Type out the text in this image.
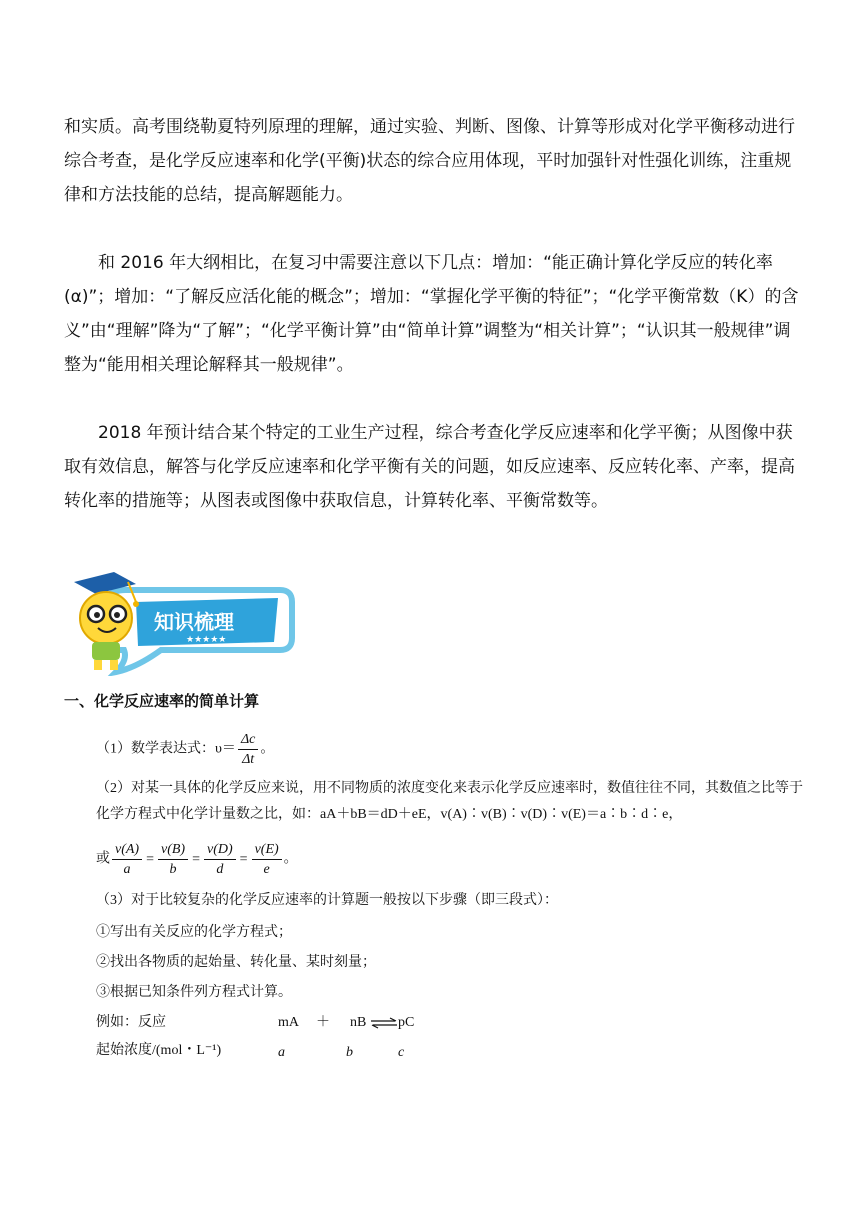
和实质。高考围绕勒夏特列原理的理解，通过实验、判断、图像、计算等形成对化学平衡移动进行综合考查，是化学反应速率和化学(平衡)状态的综合应用体现，平时加强针对性强化训练，注重规律和方法技能的总结，提高解题能力。

和 2016 年大纲相比，在复习中需要注意以下几点：增加：“能正确计算化学反应的转化率(α)”；增加：“了解反应活化能的概念”；增加：“掌握化学平衡的特征”；“化学平衡常数（K）的含义”由“理解”降为“了解”；“化学平衡计算”由“简单计算”调整为“相关计算”；“认识其一般规律”调整为“能用相关理论解释其一般规律”。

2018 年预计结合某个特定的工业生产过程，综合考查化学反应速率和化学平衡；从图像中获取有效信息，解答与化学反应速率和化学平衡有关的问题，如反应速率、反应转化率、产率，提高转化率的措施等；从图表或图像中获取信息，计算转化率、平衡常数等。

知识梳理
★★★★★

一、化学反应速率的简单计算

（1）数学表达式：$\upsilon= \frac{\Delta c}{\Delta t}$ 。

（2）对某一具体的化学反应来说，用不同物质的浓度变化来表示化学反应速率时，数值往往不同，其数值之比等于化学方程式中化学计量数之比，如：aA＋bB＝dD＋eE，v(A)∶v(B)∶v(D)∶v(E)＝a∶b∶d∶e，

或 $\frac{v(A)}{a} = \frac{v(B)}{b} = \frac{v(D)}{d} = \frac{v(E)}{e}$ 。

（3）对于比较复杂的化学反应速率的计算题一般按以下步骤（即三段式）：

①写出有关反应的化学方程式；

②找出各物质的起始量、转化量、某时刻量；

③根据已知条件列方程式计算。

例如：反应	mA ＋ nB ⇌ pC

起始浓度/(mol・L⁻¹)	a	b	c
